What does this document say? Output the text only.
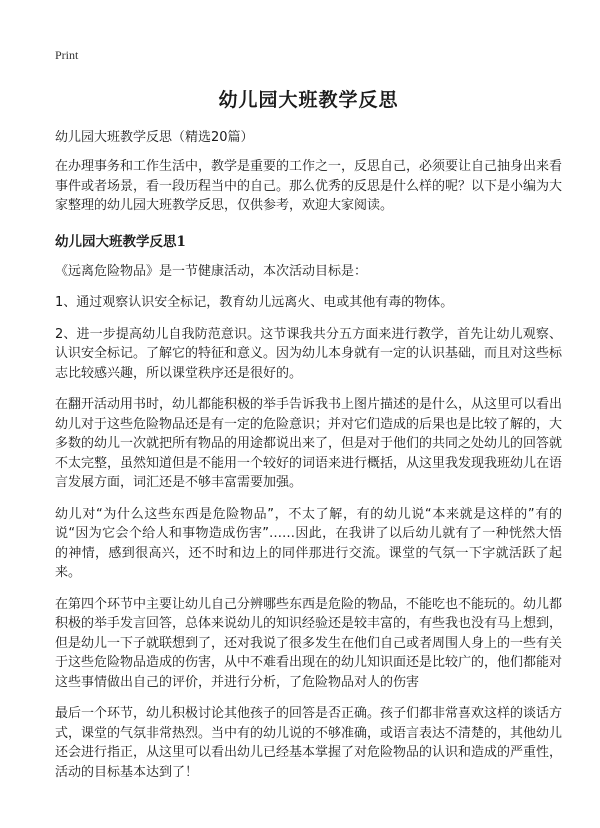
Print
幼儿园大班教学反思
幼儿园大班教学反思（精选20篇）

在办理事务和工作生活中，教学是重要的工作之一，反思自己，必须要让自己抽身出来看事件或者场景，看一段历程当中的自己。那么优秀的反思是什么样的呢？以下是小编为大家整理的幼儿园大班教学反思，仅供参考，欢迎大家阅读。

幼儿园大班教学反思1

《远离危险物品》是一节健康活动，本次活动目标是：

1、通过观察认识安全标记，教育幼儿远离火、电或其他有毒的物体。

2、进一步提高幼儿自我防范意识。这节课我共分五方面来进行教学，首先让幼儿观察、认识安全标记。了解它的特征和意义。因为幼儿本身就有一定的认识基础，而且对这些标志比较感兴趣，所以课堂秩序还是很好的。

在翻开活动用书时，幼儿都能积极的举手告诉我书上图片描述的是什么，从这里可以看出幼儿对于这些危险物品还是有一定的危险意识；并对它们造成的后果也是比较了解的，大多数的幼儿一次就把所有物品的用途都说出来了，但是对于他们的共同之处幼儿的回答就不太完整，虽然知道但是不能用一个较好的词语来进行概括，从这里我发现我班幼儿在语言发展方面，词汇还是不够丰富需要加强。

幼儿对“为什么这些东西是危险物品”，不太了解，有的幼儿说“本来就是这样的”有的说“因为它会个给人和事物造成伤害”……因此，在我讲了以后幼儿就有了一种恍然大悟的神情，感到很高兴，还不时和边上的同伴那进行交流。课堂的气氛一下字就活跃了起来。

在第四个环节中主要让幼儿自己分辨哪些东西是危险的物品，不能吃也不能玩的。幼儿都积极的举手发言回答，总体来说幼儿的知识经验还是较丰富的，有些我也没有马上想到，但是幼儿一下子就联想到了，还对我说了很多发生在他们自己或者周围人身上的一些有关于这些危险物品造成的伤害，从中不难看出现在的幼儿知识面还是比较广的，他们都能对这些事情做出自己的评价，并进行分析，了危险物品对人的伤害

最后一个环节，幼儿积极讨论其他孩子的回答是否正确。孩子们都非常喜欢这样的谈话方式，课堂的气氛非常热烈。当中有的幼儿说的不够准确，或语言表达不清楚的，其他幼儿还会进行指正，从这里可以看出幼儿已经基本掌握了对危险物品的认识和造成的严重性，活动的目标基本达到了！
